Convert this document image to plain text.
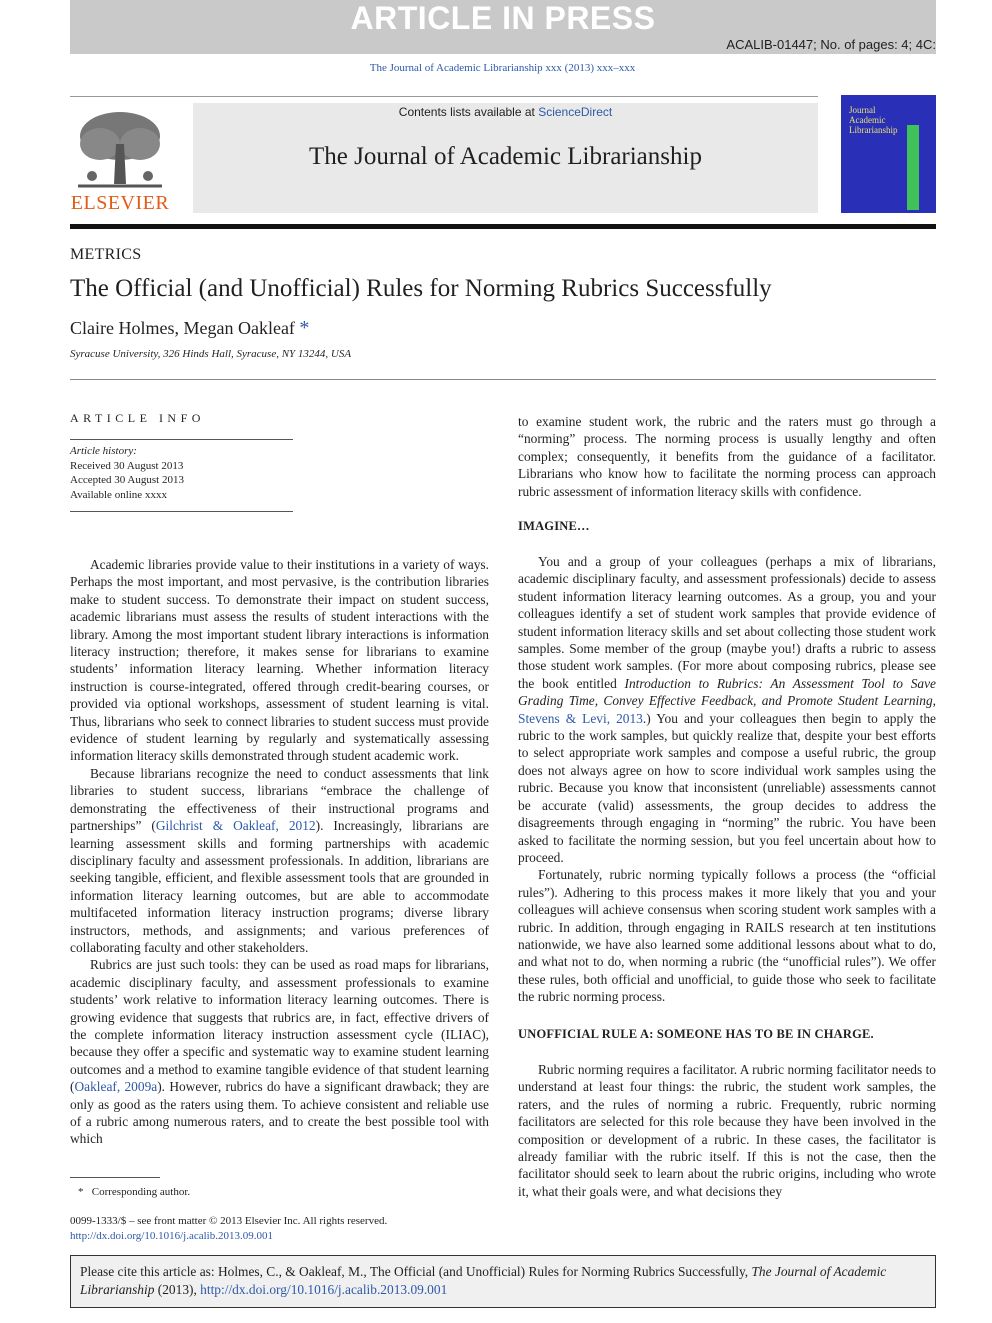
ARTICLE IN PRESS
ACALIB-01447; No. of pages: 4; 4C:
The Journal of Academic Librarianship xxx (2013) xxx–xxx
ELSEVIER
Contents lists available at ScienceDirect
The Journal of Academic Librarianship
Journal
Academic
Librarianship
METRICS
The Official (and Unofficial) Rules for Norming Rubrics Successfully
Claire Holmes, Megan Oakleaf *
Syracuse University, 326 Hinds Hall, Syracuse, NY 13244, USA
ARTICLE INFO
Article history:
Received 30 August 2013
Accepted 30 August 2013
Available online xxxx

Academic libraries provide value to their institutions in a variety of ways. Perhaps the most important, and most pervasive, is the contribution libraries make to student success. To demonstrate their impact on student success, academic librarians must assess the results of student interactions with the library. Among the most important student library interactions is information literacy instruction; therefore, it makes sense for librarians to examine students’ information literacy learning. Whether information literacy instruction is course-integrated, offered through credit-bearing courses, or provided via optional workshops, assessment of student learning is vital. Thus, librarians who seek to connect libraries to student success must provide evidence of student learning by regularly and systematically assessing information literacy skills demonstrated through student academic work.

Because librarians recognize the need to conduct assessments that link libraries to student success, librarians “embrace the challenge of demonstrating the effectiveness of their instructional programs and partnerships” (Gilchrist & Oakleaf, 2012). Increasingly, librarians are learning assessment skills and forming partnerships with academic disciplinary faculty and assessment professionals. In addition, librarians are seeking tangible, efficient, and flexible assessment tools that are grounded in information literacy learning outcomes, but are able to accommodate multifaceted information literacy instruction programs; diverse library instructors, methods, and assignments; and various preferences of collaborating faculty and other stakeholders.

Rubrics are just such tools: they can be used as road maps for librarians, academic disciplinary faculty, and assessment professionals to examine students’ work relative to information literacy learning outcomes. There is growing evidence that suggests that rubrics are, in fact, effective drivers of the complete information literacy instruction assessment cycle (ILIAC), because they offer a specific and systematic way to examine student learning outcomes and a method to examine tangible evidence of that student learning (Oakleaf, 2009a). However, rubrics do have a significant drawback; they are only as good as the raters using them. To achieve consistent and reliable use of a rubric among numerous raters, and to create the best possible tool with which

to examine student work, the rubric and the raters must go through a “norming” process. The norming process is usually lengthy and often complex; consequently, it benefits from the guidance of a facilitator. Librarians who know how to facilitate the norming process can approach rubric assessment of information literacy skills with confidence.

IMAGINE…

You and a group of your colleagues (perhaps a mix of librarians, academic disciplinary faculty, and assessment professionals) decide to assess student information literacy learning outcomes. As a group, you and your colleagues identify a set of student work samples that provide evidence of student information literacy skills and set about collecting those student work samples. Some member of the group (maybe you!) drafts a rubric to assess those student work samples. (For more about composing rubrics, please see the book entitled Introduction to Rubrics: An Assessment Tool to Save Grading Time, Convey Effective Feedback, and Promote Student Learning, Stevens & Levi, 2013.) You and your colleagues then begin to apply the rubric to the work samples, but quickly realize that, despite your best efforts to select appropriate work samples and compose a useful rubric, the group does not always agree on how to score individual work samples using the rubric. Because you know that inconsistent (unreliable) assessments cannot be accurate (valid) assessments, the group decides to address the disagreements through engaging in “norming” the rubric. You have been asked to facilitate the norming session, but you feel uncertain about how to proceed.

Fortunately, rubric norming typically follows a process (the “official rules”). Adhering to this process makes it more likely that you and your colleagues will achieve consensus when scoring student work samples with a rubric. In addition, through engaging in RAILS research at ten institutions nationwide, we have also learned some additional lessons about what to do, and what not to do, when norming a rubric (the “unofficial rules”). We offer these rules, both official and unofficial, to guide those who seek to facilitate the rubric norming process.

UNOFFICIAL RULE A: SOMEONE HAS TO BE IN CHARGE.

Rubric norming requires a facilitator. A rubric norming facilitator needs to understand at least four things: the rubric, the student work samples, the raters, and the rules of norming a rubric. Frequently, rubric norming facilitators are selected for this role because they have been involved in the composition or development of a rubric. In these cases, the facilitator is already familiar with the rubric itself. If this is not the case, then the facilitator should seek to learn about the rubric origins, including who wrote it, what their goals were, and what decisions they

* Corresponding author.
0099-1333/$ – see front matter © 2013 Elsevier Inc. All rights reserved.
http://dx.doi.org/10.1016/j.acalib.2013.09.001
Please cite this article as: Holmes, C., & Oakleaf, M., The Official (and Unofficial) Rules for Norming Rubrics Successfully, The Journal of Academic Librarianship (2013), http://dx.doi.org/10.1016/j.acalib.2013.09.001
